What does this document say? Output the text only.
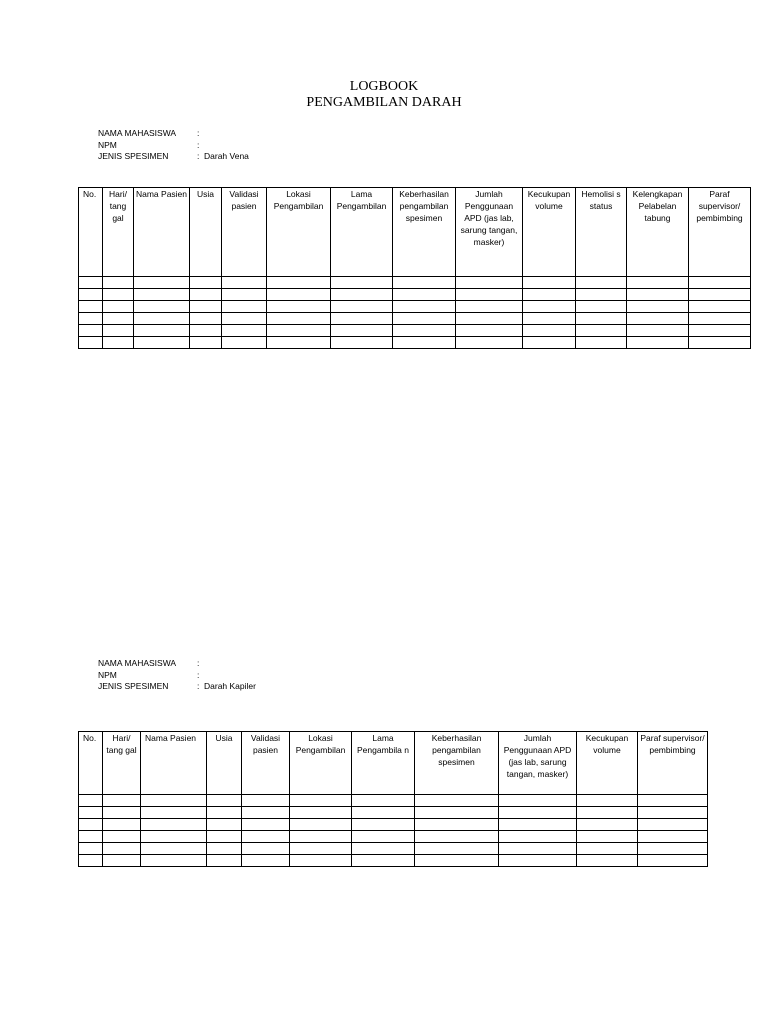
LOGBOOK
PENGAMBILAN DARAH
NAMA MAHASISWA	:
NPM	:
JENIS SPESIMEN	: Darah Vena
No.	Hari/ tang gal	Nama Pasien	Usia	Validasi pasien	Lokasi Pengambilan	Lama Pengambilan	Keberhasilan pengambilan spesimen	Jumlah Penggunaan APD (jas lab, sarung tangan, masker)	Kecukupan volume	Hemolisi s status	Kelengkapan Pelabelan tabung	Paraf supervisor/ pembimbing

NAMA MAHASISWA	:
NPM	:
JENIS SPESIMEN	: Darah Kapiler
No.	Hari/ tang gal	Nama Pasien	Usia	Validasi pasien	Lokasi Pengambilan	Lama Pengambila n	Keberhasilan pengambilan spesimen	Jumlah Penggunaan APD (jas lab, sarung tangan, masker)	Kecukupan volume	Paraf supervisor/ pembimbing
